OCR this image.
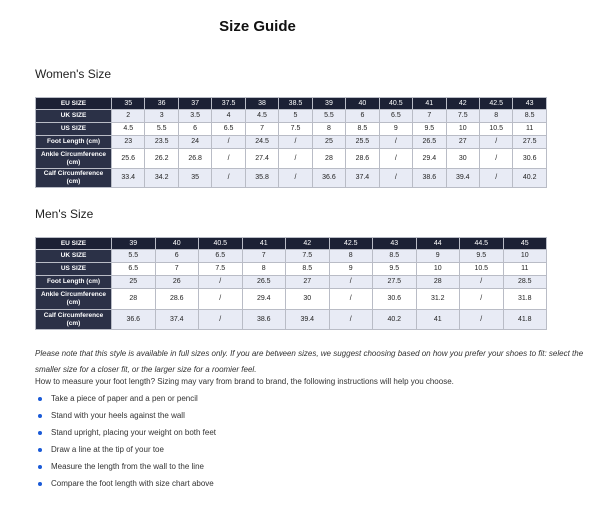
Size Guide
Women's Size
EU SIZE	35	36	37	37.5	38	38.5	39	40	40.5	41	42	42.5	43
UK SIZE	2	3	3.5	4	4.5	5	5.5	6	6.5	7	7.5	8	8.5
US SIZE	4.5	5.5	6	6.5	7	7.5	8	8.5	9	9.5	10	10.5	11
Foot Length (cm)	23	23.5	24	/	24.5	/	25	25.5	/	26.5	27	/	27.5
Ankle Circumference (cm)	25.6	26.2	26.8	/	27.4	/	28	28.6	/	29.4	30	/	30.6
Calf Circumference (cm)	33.4	34.2	35	/	35.8	/	36.6	37.4	/	38.6	39.4	/	40.2
Men's Size
EU SIZE	39	40	40.5	41	42	42.5	43	44	44.5	45
UK SIZE	5.5	6	6.5	7	7.5	8	8.5	9	9.5	10
US SIZE	6.5	7	7.5	8	8.5	9	9.5	10	10.5	11
Foot Length (cm)	25	26	/	26.5	27	/	27.5	28	/	28.5
Ankle Circumference (cm)	28	28.6	/	29.4	30	/	30.6	31.2	/	31.8
Calf Circumference (cm)	36.6	37.4	/	38.6	39.4	/	40.2	41	/	41.8
Please note that this style is available in full sizes only. If you are between sizes, we suggest choosing based on how you prefer your shoes to fit: select the smaller size for a closer fit, or the larger size for a roomier feel.
How to measure your foot length? Sizing may vary from brand to brand, the following instructions will help you choose.
Take a piece of paper and a pen or pencil
Stand with your heels against the wall
Stand upright, placing your weight on both feet
Draw a line at the tip of your toe
Measure the length from the wall to the line
Compare the foot length with size chart above
